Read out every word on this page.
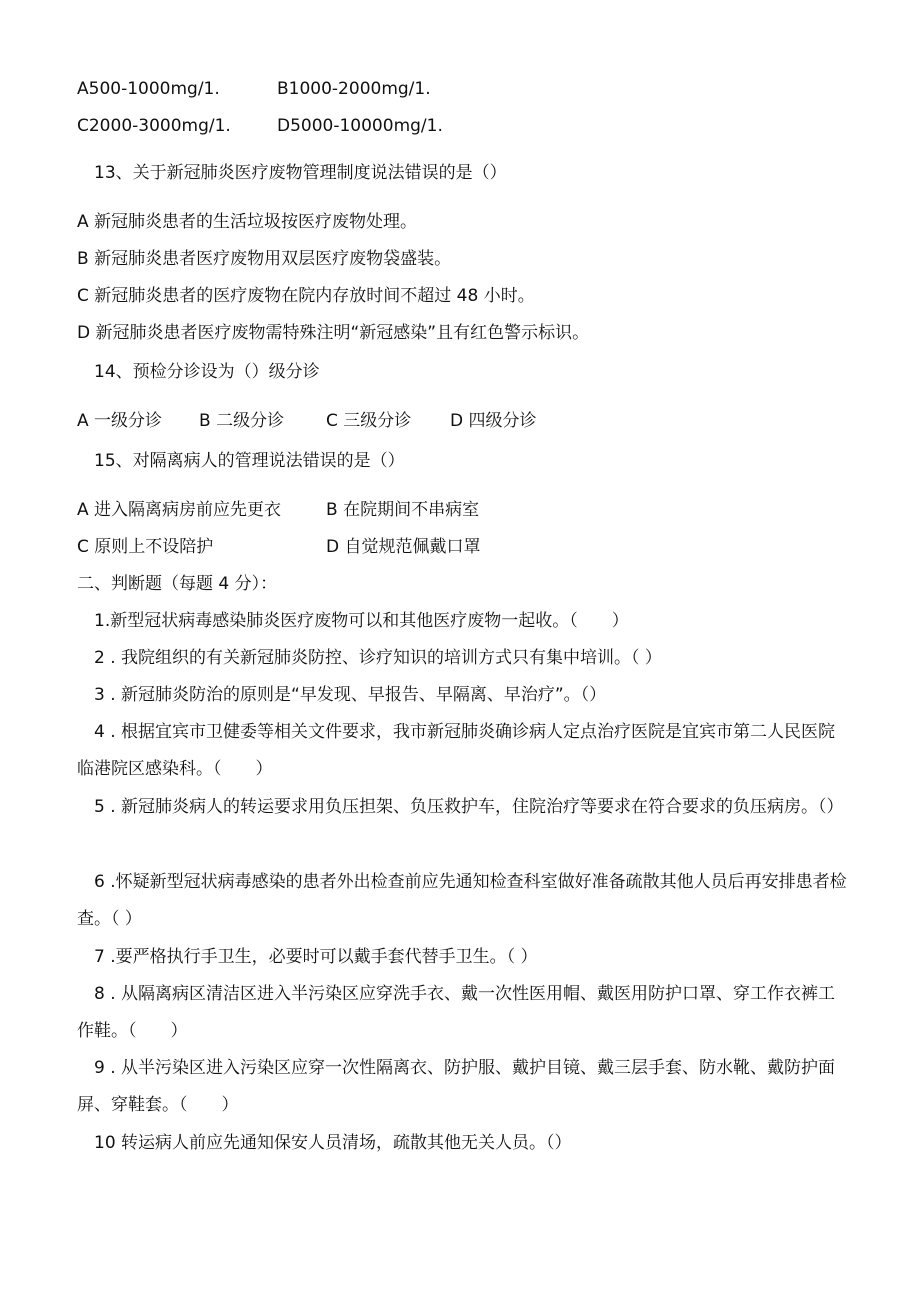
A500-1000mg/1.	B1000-2000mg/1.
C2000-3000mg/1.	D5000-10000mg/1.
13、关于新冠肺炎医疗废物管理制度说法错误的是（）
A 新冠肺炎患者的生活垃圾按医疗废物处理。
B 新冠肺炎患者医疗废物用双层医疗废物袋盛装。
C 新冠肺炎患者的医疗废物在院内存放时间不超过 48 小时。
D 新冠肺炎患者医疗废物需特殊注明“新冠感染”且有红色警示标识。
14、预检分诊设为（）级分诊
A 一级分诊 B 二级分诊 C 三级分诊 D 四级分诊
15、对隔离病人的管理说法错误的是（）
A 进入隔离病房前应先更衣	B 在院期间不串病室
C 原则上不设陪护	D 自觉规范佩戴口罩
二、判断题（每题 4 分）：
1.新型冠状病毒感染肺炎医疗废物可以和其他医疗废物一起收。（　　）
2 . 我院组织的有关新冠肺炎防控、诊疗知识的培训方式只有集中培训。（ ）
3 . 新冠肺炎防治的原则是“早发现、早报告、早隔离、早治疗”。（）
4 . 根据宜宾市卫健委等相关文件要求，我市新冠肺炎确诊病人定点治疗医院是宜宾市第二人民医院临港院区感染科。（　　）
5 . 新冠肺炎病人的转运要求用负压担架、负压救护车，住院治疗等要求在符合要求的负压病房。（）
6 .怀疑新型冠状病毒感染的患者外出检查前应先通知检查科室做好准备疏散其他人员后再安排患者检查。（ ）
7 .要严格执行手卫生，必要时可以戴手套代替手卫生。（ ）
8 . 从隔离病区清洁区进入半污染区应穿洗手衣、戴一次性医用帽、戴医用防护口罩、穿工作衣裤工作鞋。（　　）
9 . 从半污染区进入污染区应穿一次性隔离衣、防护服、戴护目镜、戴三层手套、防水靴、戴防护面屏、穿鞋套。（　　）
10 转运病人前应先通知保安人员清场，疏散其他无关人员。（）
